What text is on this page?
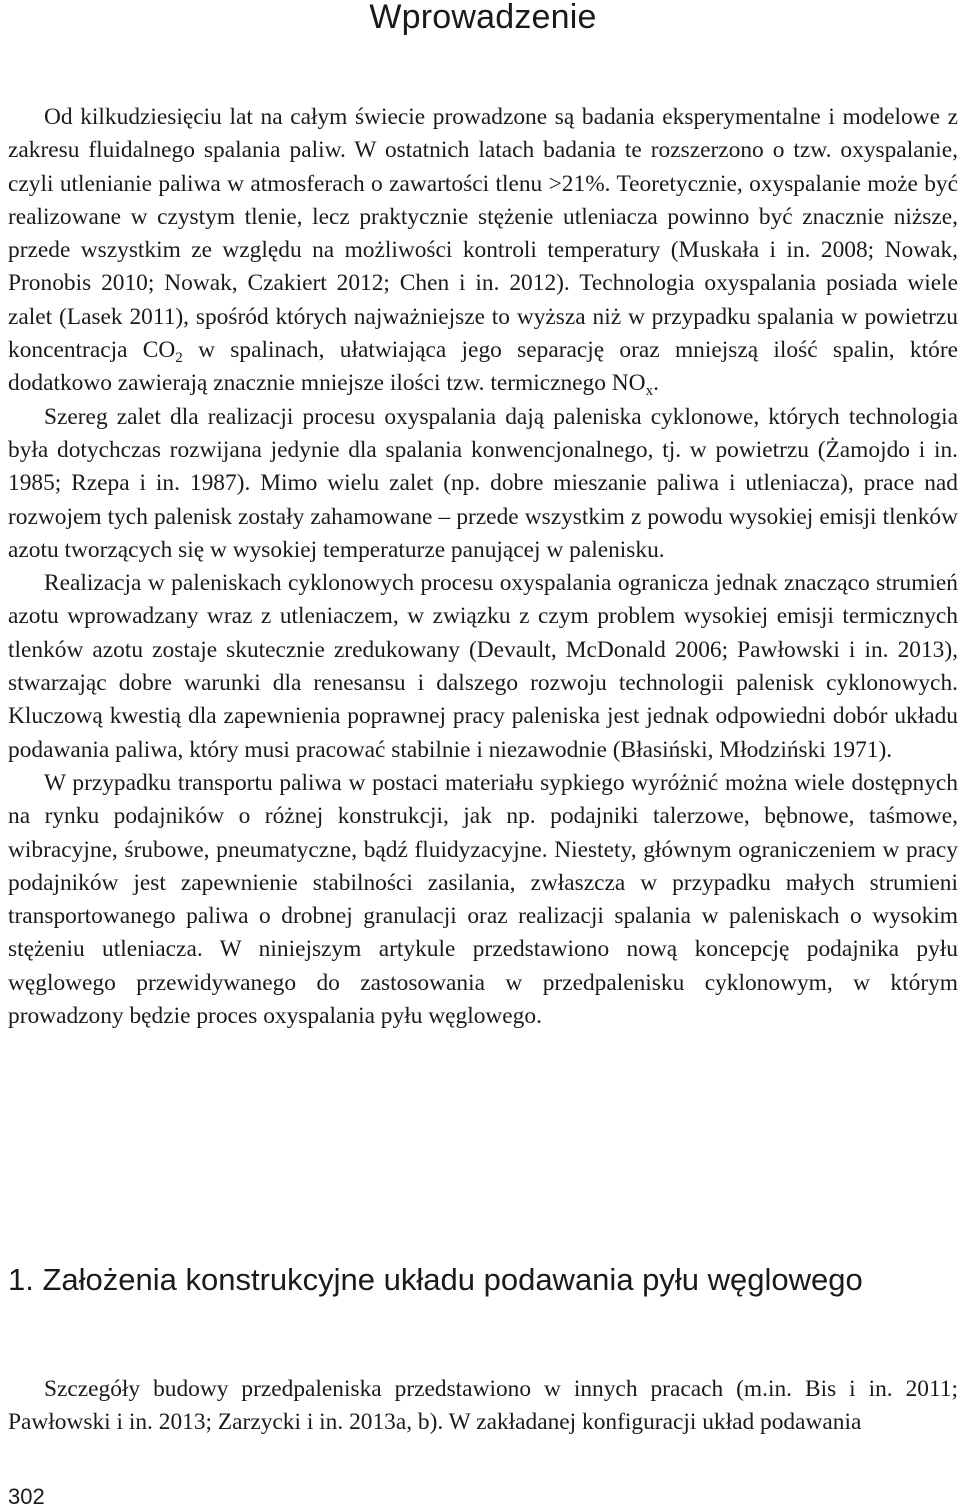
Wprowadzenie

Od kilkudziesięciu lat na całym świecie prowadzone są badania eksperymentalne i modelowe z zakresu fluidalnego spalania paliw. W ostatnich latach badania te rozszerzono o tzw. oxyspalanie, czyli utlenianie paliwa w atmosferach o zawartości tlenu >21%. Teoretycznie, oxyspalanie może być realizowane w czystym tlenie, lecz praktycznie stężenie utleniacza powinno być znacznie niższe, przede wszystkim ze względu na możliwości kontroli temperatury (Muskała i in. 2008; Nowak, Pronobis 2010; Nowak, Czakiert 2012; Chen i in. 2012). Technologia oxyspalania posiada wiele zalet (Lasek 2011), spośród których najważniejsze to wyższa niż w przypadku spalania w powietrzu koncentracja $CO_2$ w spalinach, ułatwiająca jego separację oraz mniejszą ilość spalin, które dodatkowo zawierają znacznie mniejsze ilości tzw. termicznego $NO_x$.

Szereg zalet dla realizacji procesu oxyspalania dają paleniska cyklonowe, których technologia była dotychczas rozwijana jedynie dla spalania konwencjonalnego, tj. w powietrzu (Żamojdo i in. 1985; Rzepa i in. 1987). Mimo wielu zalet (np. dobre mieszanie paliwa i utleniacza), prace nad rozwojem tych palenisk zostały zahamowane – przede wszystkim z powodu wysokiej emisji tlenków azotu tworzących się w wysokiej temperaturze panującej w palenisku.

Realizacja w paleniskach cyklonowych procesu oxyspalania ogranicza jednak znacząco strumień azotu wprowadzany wraz z utleniaczem, w związku z czym problem wysokiej emisji termicznych tlenków azotu zostaje skutecznie zredukowany (Devault, McDonald 2006; Pawłowski i in. 2013), stwarzając dobre warunki dla renesansu i dalszego rozwoju technologii palenisk cyklonowych. Kluczową kwestią dla zapewnienia poprawnej pracy paleniska jest jednak odpowiedni dobór układu podawania paliwa, który musi pracować stabilnie i niezawodnie (Błasiński, Młodziński 1971).

W przypadku transportu paliwa w postaci materiału sypkiego wyróżnić można wiele dostępnych na rynku podajników o różnej konstrukcji, jak np. podajniki talerzowe, bębnowe, taśmowe, wibracyjne, śrubowe, pneumatyczne, bądź fluidyzacyjne. Niestety, głównym ograniczeniem w pracy podajników jest zapewnienie stabilności zasilania, zwłaszcza w przypadku małych strumieni transportowanego paliwa o drobnej granulacji oraz realizacji spalania w paleniskach o wysokim stężeniu utleniacza. W niniejszym artykule przedstawiono nową koncepcję podajnika pyłu węglowego przewidywanego do zastosowania w przedpalenisku cyklonowym, w którym prowadzony będzie proces oxyspalania pyłu węglowego.

1. Założenia konstrukcyjne układu podawania pyłu węglowego

Szczegóły budowy przedpaleniska przedstawiono w innych pracach (m.in. Bis i in. 2011; Pawłowski i in. 2013; Zarzycki i in. 2013a, b). W zakładanej konfiguracji układ podawania

302
